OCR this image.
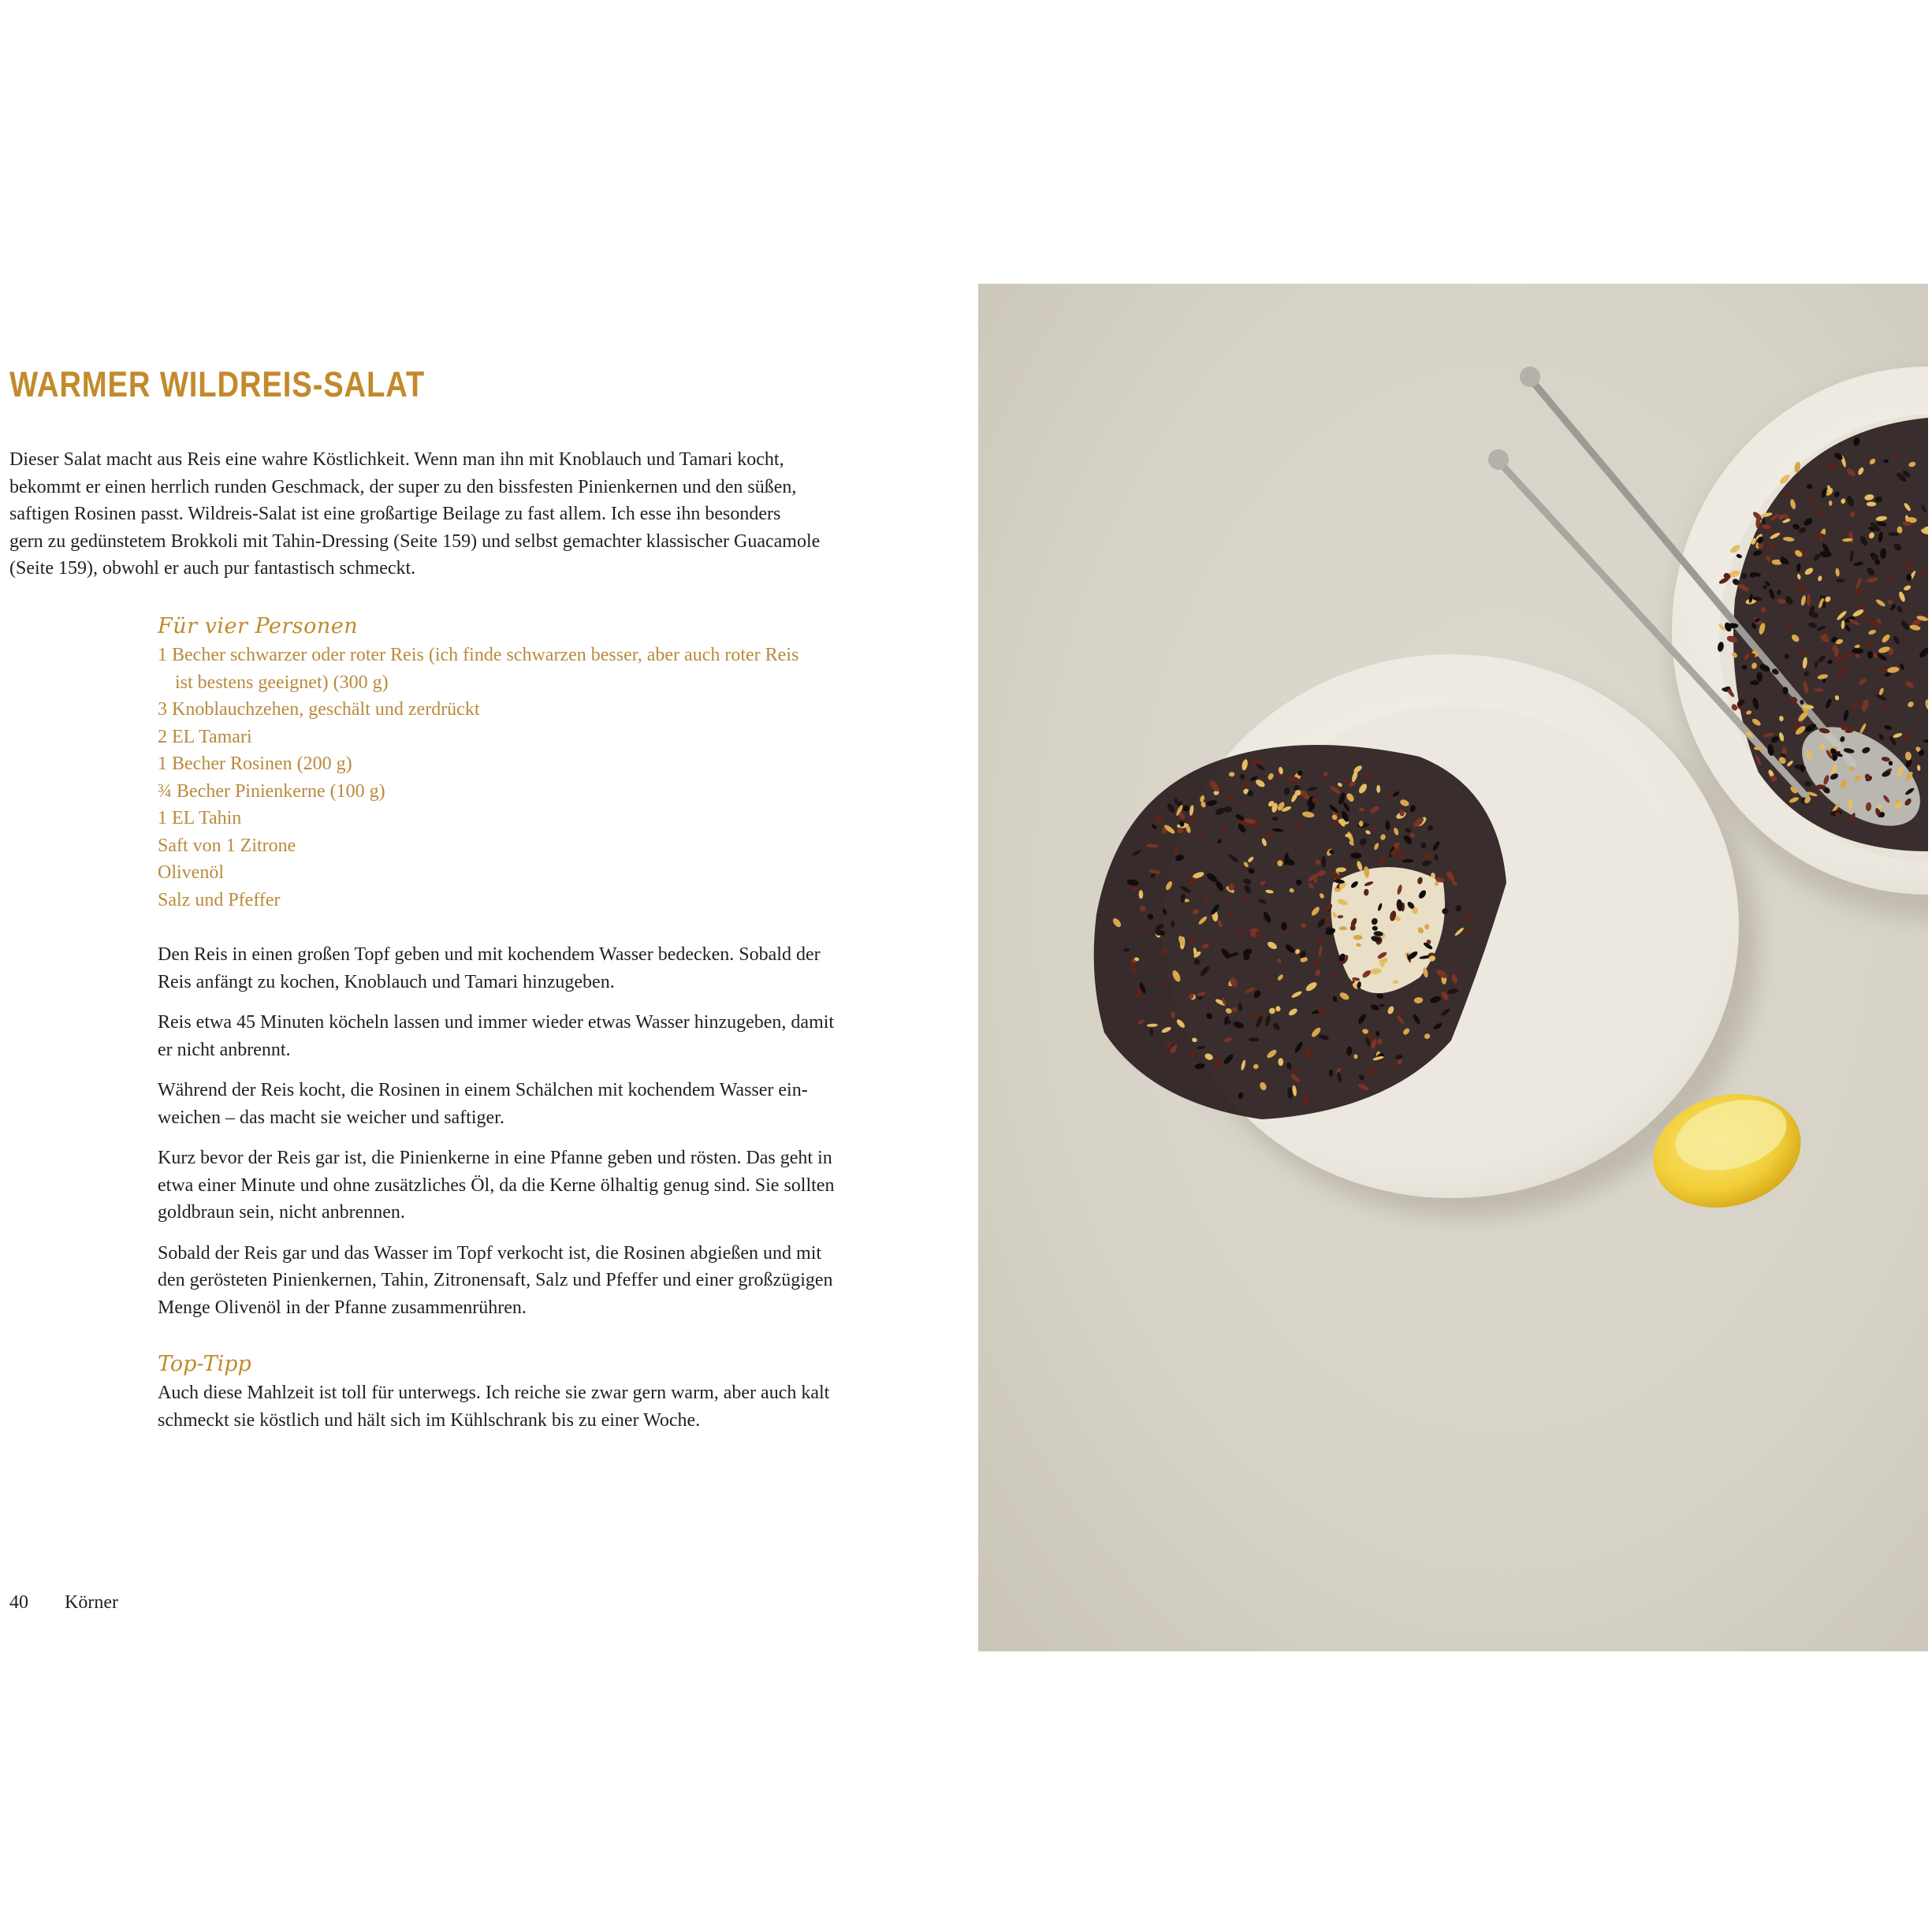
WARMER WILDREIS-SALAT

Dieser Salat macht aus Reis eine wahre Köstlichkeit. Wenn man ihn mit Knoblauch und Tamari kocht,
bekommt er einen herrlich runden Geschmack, der super zu den bissfesten Pinienkernen und den süßen,
saftigen Rosinen passt. Wildreis-Salat ist eine großartige Beilage zu fast allem. Ich esse ihn besonders
gern zu gedünstetem Brokkoli mit Tahin-Dressing (Seite 159) und selbst gemachter klassischer Guacamole
(Seite 159), obwohl er auch pur fantastisch schmeckt.

Für vier Personen
1 Becher schwarzer oder roter Reis (ich finde schwarzen besser, aber auch roter Reis
ist bestens geeignet) (300 g)
3 Knoblauchzehen, geschält und zerdrückt
2 EL Tamari
1 Becher Rosinen (200 g)
¾ Becher Pinienkerne (100 g)
1 EL Tahin
Saft von 1 Zitrone
Olivenöl
Salz und Pfeffer

Den Reis in einen großen Topf geben und mit kochendem Wasser bedecken. Sobald der
Reis anfängt zu kochen, Knoblauch und Tamari hinzugeben.

Reis etwa 45 Minuten köcheln lassen und immer wieder etwas Wasser hinzugeben, damit
er nicht anbrennt.

Während der Reis kocht, die Rosinen in einem Schälchen mit kochendem Wasser ein-
weichen – das macht sie weicher und saftiger.

Kurz bevor der Reis gar ist, die Pinienkerne in eine Pfanne geben und rösten. Das geht in
etwa einer Minute und ohne zusätzliches Öl, da die Kerne ölhaltig genug sind. Sie sollten
goldbraun sein, nicht anbrennen.

Sobald der Reis gar und das Wasser im Topf verkocht ist, die Rosinen abgießen und mit
den gerösteten Pinienkernen, Tahin, Zitronensaft, Salz und Pfeffer und einer großzügigen
Menge Olivenöl in der Pfanne zusammenrühren.

Top-Tipp
Auch diese Mahlzeit ist toll für unterwegs. Ich reiche sie zwar gern warm, aber auch kalt
schmeckt sie köstlich und hält sich im Kühlschrank bis zu einer Woche.
40 Körner
